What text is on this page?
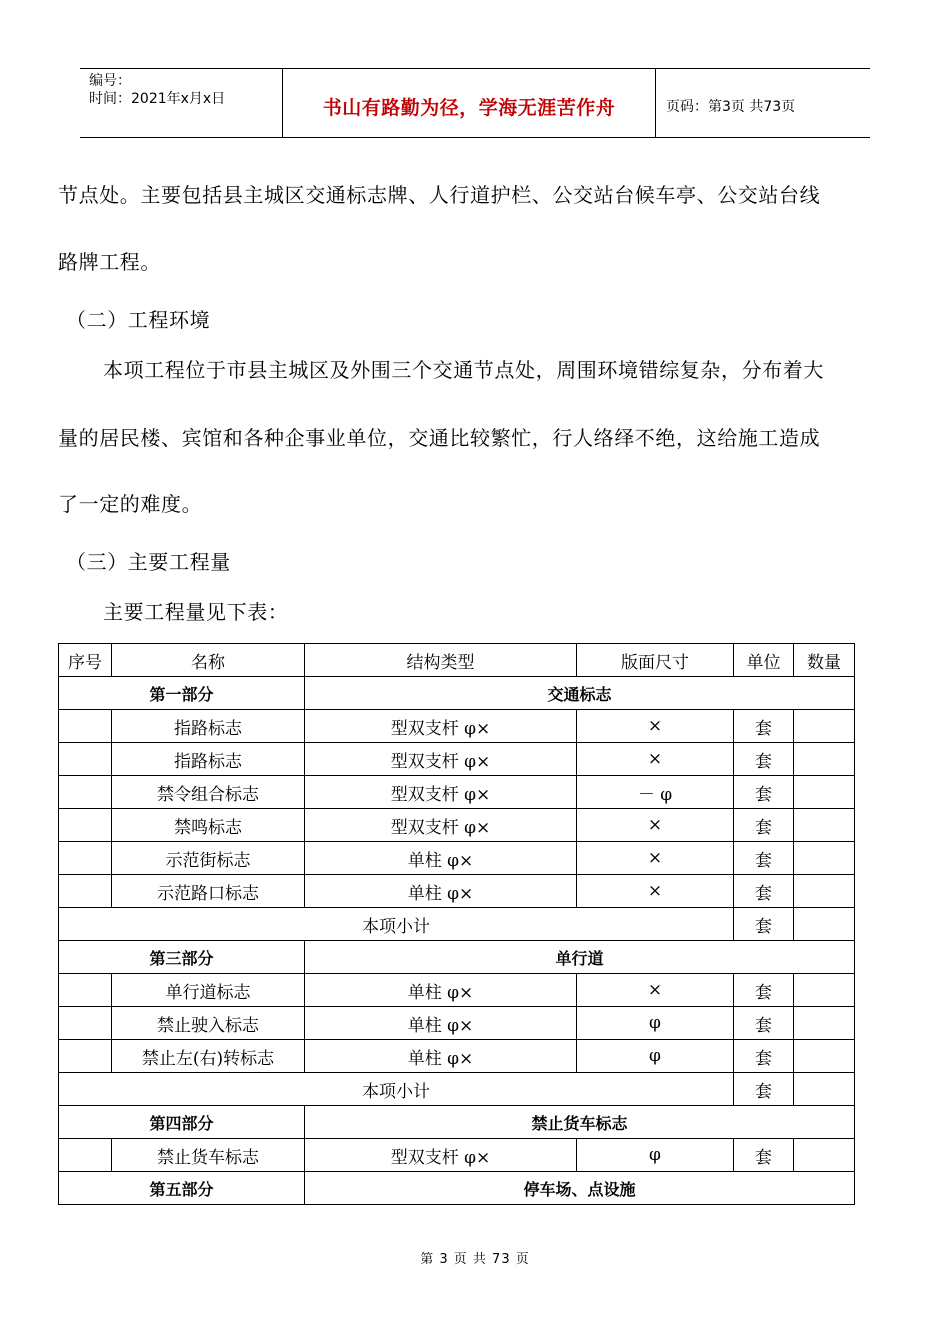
编号：
时间：2021年x月x日	书山有路勤为径，学海无涯苦作舟	页码：第3页 共73页
节点处。主要包括县主城区交通标志牌、人行道护栏、公交站台候车亭、公交站台线
路牌工程。
（二）工程环境
本项工程位于市县主城区及外围三个交通节点处，周围环境错综复杂，分布着大
量的居民楼、宾馆和各种企事业单位，交通比较繁忙，行人络绎不绝，这给施工造成
了一定的难度。
（三）主要工程量
主要工程量见下表：
序号	名称	结构类型	版面尺寸	单位	数量
第一部分		交通标志			
	指路标志	型双支杆 φ×	×	套	
	指路标志	型双支杆 φ×	×	套	
	禁令组合标志	型双支杆 φ×	－ φ	套	
	禁鸣标志	型双支杆 φ×	×	套	
	示范街标志	单柱 φ×	×	套	
	示范路口标志	单柱 φ×	×	套	
本项小计				套	
第三部分		单行道			
	单行道标志	单柱 φ×	×	套	
	禁止驶入标志	单柱 φ×	φ	套	
	禁止左(右)转标志	单柱 φ×	φ	套	
本项小计				套	
第四部分		禁止货车标志			
	禁止货车标志	型双支杆 φ×	φ	套	
第五部分		停车场、点设施			
第 3 页 共 73 页
